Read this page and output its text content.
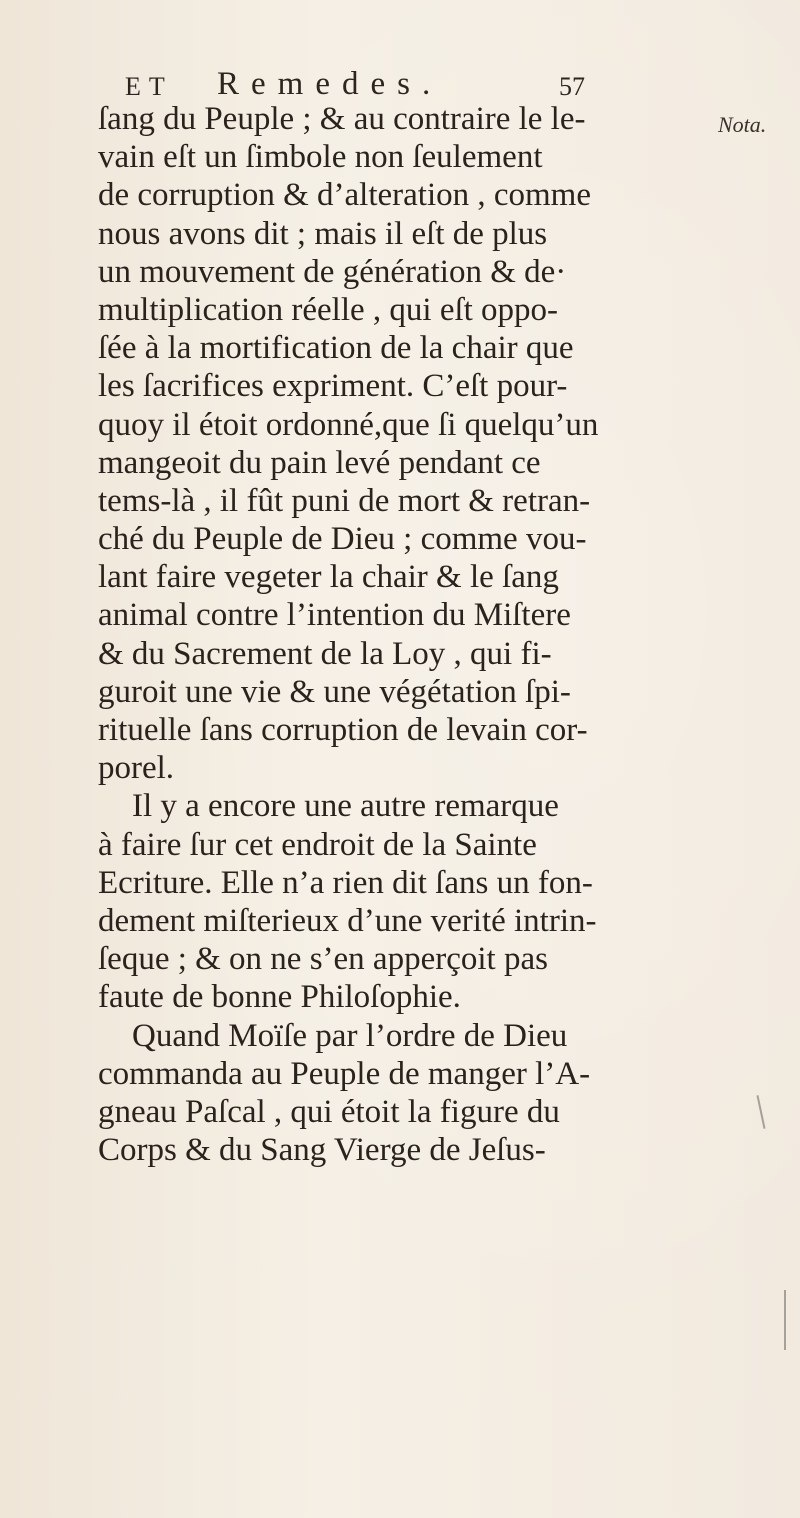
ET Remedes.	57
Nota.
ſang du Peuple ; & au contraire le le-
vain eſt un ſimbole non ſeulement
de corruption & d’alteration , comme
nous avons dit ; mais il eſt de plus
un mouvement de génération & de·
multiplication réelle , qui eſt oppo-
ſée à la mortification de la chair que
les ſacrifices expriment. C’eſt pour-
quoy il étoit ordonné,que ſi quelqu’un
mangeoit du pain levé pendant ce
tems-là , il fût puni de mort & retran-
ché du Peuple de Dieu ; comme vou-
lant faire vegeter la chair & le ſang
animal contre l’intention du Miſtere
& du Sacrement de la Loy , qui fi-
guroit une vie & une végétation ſpi-
rituelle ſans corruption de levain cor-
porel.
Il y a encore une autre remarque
à faire ſur cet endroit de la Sainte
Ecriture. Elle n’a rien dit ſans un fon-
dement miſterieux d’une verité intrin-
ſeque ; & on ne s’en apperçoit pas
faute de bonne Philoſophie.
Quand Moïſe par l’ordre de Dieu
commanda au Peuple de manger l’A-
gneau Paſcal , qui étoit la figure du
Corps & du Sang Vierge de Jeſus-
